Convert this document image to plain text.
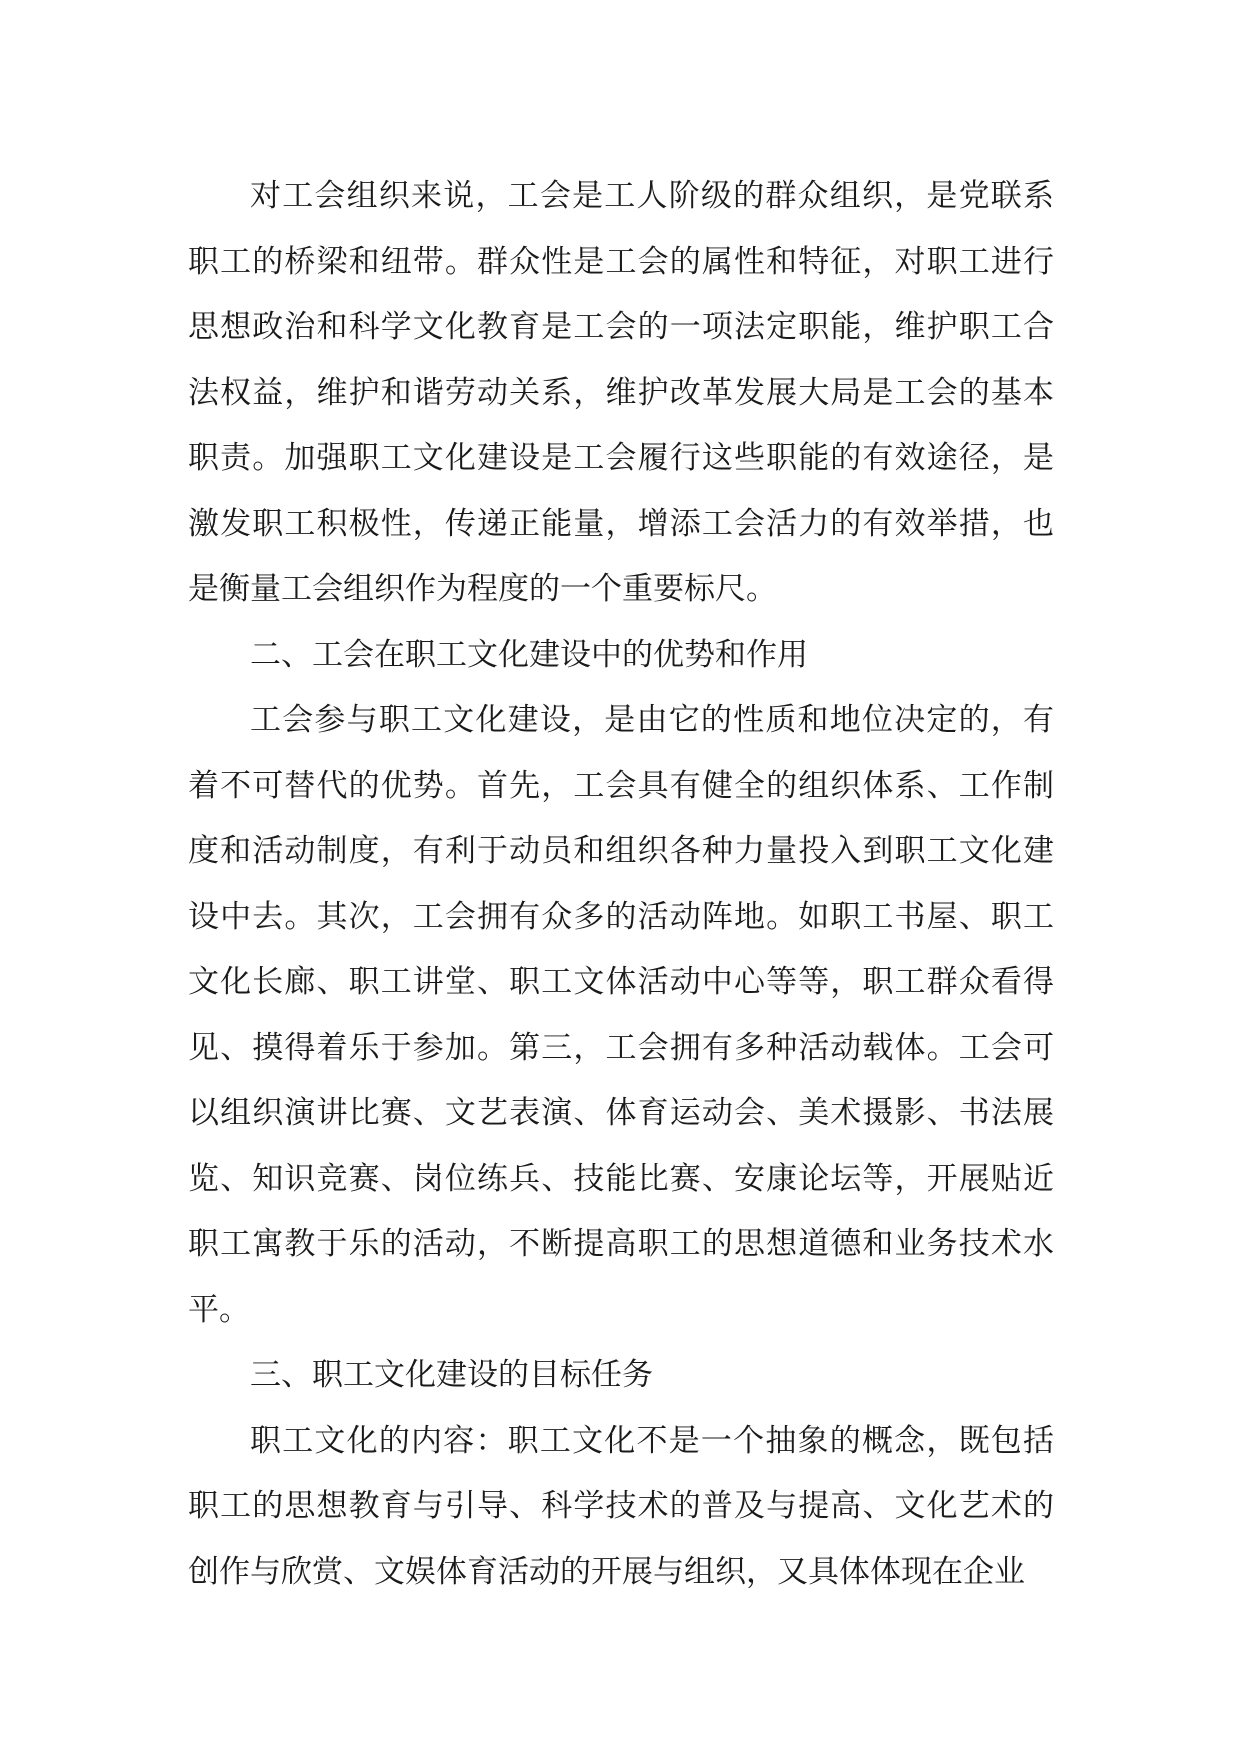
对工会组织来说，工会是工人阶级的群众组织，是党联系职工的桥梁和纽带。群众性是工会的属性和特征，对职工进行思想政治和科学文化教育是工会的一项法定职能，维护职工合法权益，维护和谐劳动关系，维护改革发展大局是工会的基本职责。加强职工文化建设是工会履行这些职能的有效途径，是激发职工积极性，传递正能量，增添工会活力的有效举措，也是衡量工会组织作为程度的一个重要标尺。

二、工会在职工文化建设中的优势和作用

工会参与职工文化建设，是由它的性质和地位决定的，有着不可替代的优势。首先，工会具有健全的组织体系、工作制度和活动制度，有利于动员和组织各种力量投入到职工文化建设中去。其次，工会拥有众多的活动阵地。如职工书屋、职工文化长廊、职工讲堂、职工文体活动中心等等，职工群众看得见、摸得着乐于参加。第三，工会拥有多种活动载体。工会可以组织演讲比赛、文艺表演、体育运动会、美术摄影、书法展览、知识竞赛、岗位练兵、技能比赛、安康论坛等，开展贴近职工寓教于乐的活动，不断提高职工的思想道德和业务技术水平。

三、职工文化建设的目标任务

职工文化的内容：职工文化不是一个抽象的概念，既包括职工的思想教育与引导、科学技术的普及与提高、文化艺术的创作与欣赏、文娱体育活动的开展与组织，又具体体现在企业
